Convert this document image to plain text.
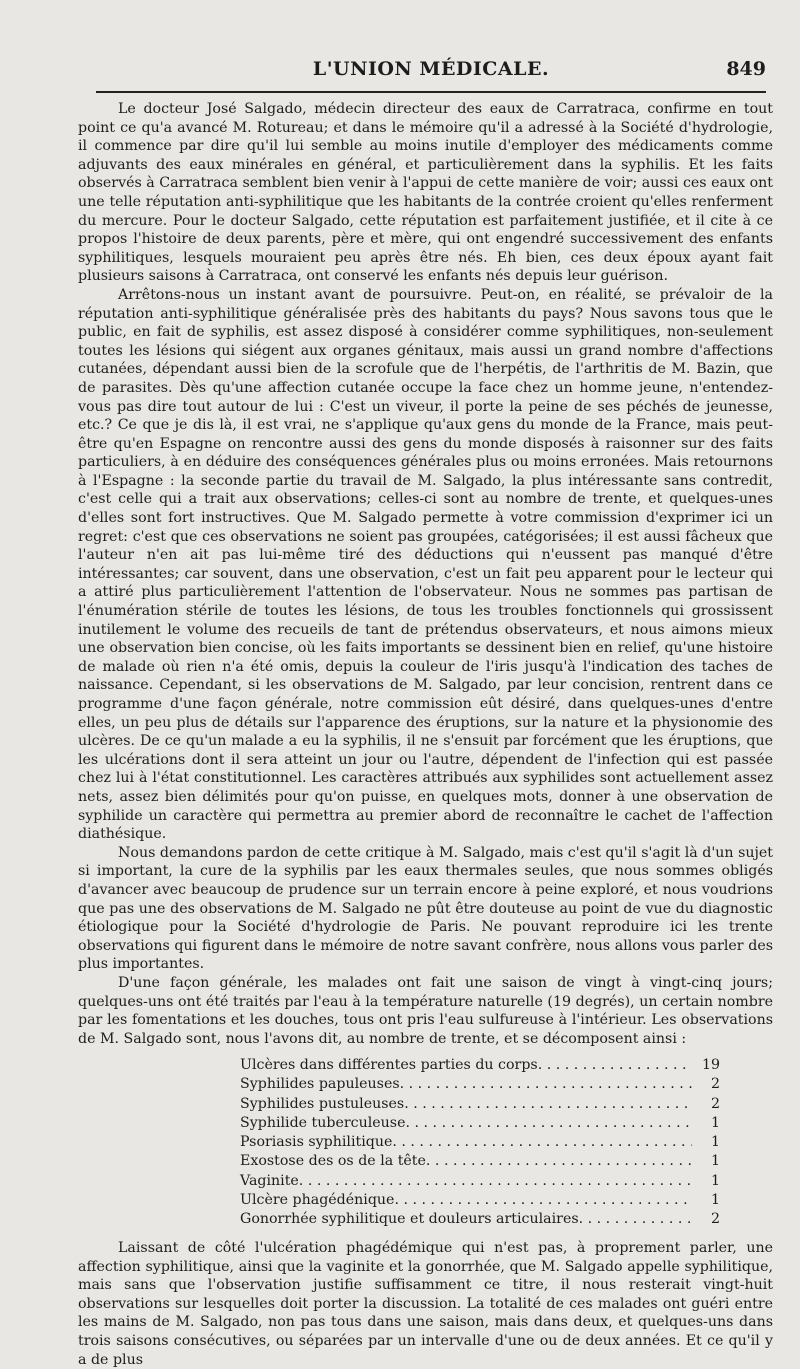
L'UNION MÉDICALE.	849

Le docteur José Salgado, médecin directeur des eaux de Carratraca, confirme en tout point ce qu'a avancé M. Rotureau; et dans le mémoire qu'il a adressé à la Société d'hydrologie, il commence par dire qu'il lui semble au moins inutile d'employer des médicaments comme adjuvants des eaux minérales en général, et particulièrement dans la syphilis. Et les faits observés à Carratraca semblent bien venir à l'appui de cette manière de voir; aussi ces eaux ont une telle réputation anti-syphilitique que les habitants de la contrée croient qu'elles renferment du mercure. Pour le docteur Salgado, cette réputation est parfaitement justifiée, et il cite à ce propos l'histoire de deux parents, père et mère, qui ont engendré successivement des enfants syphilitiques, lesquels mouraient peu après être nés. Eh bien, ces deux époux ayant fait plusieurs saisons à Carratraca, ont conservé les enfants nés depuis leur guérison.

Arrêtons-nous un instant avant de poursuivre. Peut-on, en réalité, se prévaloir de la réputation anti-syphilitique généralisée près des habitants du pays? Nous savons tous que le public, en fait de syphilis, est assez disposé à considérer comme syphilitiques, non-seulement toutes les lésions qui siégent aux organes génitaux, mais aussi un grand nombre d'affections cutanées, dépendant aussi bien de la scrofule que de l'herpétis, de l'arthritis de M. Bazin, que de parasites. Dès qu'une affection cutanée occupe la face chez un homme jeune, n'entendez-vous pas dire tout autour de lui : C'est un viveur, il porte la peine de ses péchés de jeunesse, etc.? Ce que je dis là, il est vrai, ne s'applique qu'aux gens du monde de la France, mais peut-être qu'en Espagne on rencontre aussi des gens du monde disposés à raisonner sur des faits particuliers, à en déduire des conséquences générales plus ou moins erronées. Mais retournons à l'Espagne : la seconde partie du travail de M. Salgado, la plus intéressante sans contredit, c'est celle qui a trait aux observations; celles-ci sont au nombre de trente, et quelques-unes d'elles sont fort instructives. Que M. Salgado permette à votre commission d'exprimer ici un regret: c'est que ces observations ne soient pas groupées, catégorisées; il est aussi fâcheux que l'auteur n'en ait pas lui-même tiré des déductions qui n'eussent pas manqué d'être intéressantes; car souvent, dans une observation, c'est un fait peu apparent pour le lecteur qui a attiré plus particulièrement l'attention de l'observateur. Nous ne sommes pas partisan de l'énumération stérile de toutes les lésions, de tous les troubles fonctionnels qui grossissent inutilement le volume des recueils de tant de prétendus observateurs, et nous aimons mieux une observation bien concise, où les faits importants se dessinent bien en relief, qu'une histoire de malade où rien n'a été omis, depuis la couleur de l'iris jusqu'à l'indication des taches de naissance. Cependant, si les observations de M. Salgado, par leur concision, rentrent dans ce programme d'une façon générale, notre commission eût désiré, dans quelques-unes d'entre elles, un peu plus de détails sur l'apparence des éruptions, sur la nature et la physionomie des ulcères. De ce qu'un malade a eu la syphilis, il ne s'ensuit par forcément que les éruptions, que les ulcérations dont il sera atteint un jour ou l'autre, dépendent de l'infection qui est passée chez lui à l'état constitutionnel. Les caractères attribués aux syphilides sont actuellement assez nets, assez bien délimités pour qu'on puisse, en quelques mots, donner à une observation de syphilide un caractère qui permettra au premier abord de reconnaître le cachet de l'affection diathésique.

Nous demandons pardon de cette critique à M. Salgado, mais c'est qu'il s'agit là d'un sujet si important, la cure de la syphilis par les eaux thermales seules, que nous sommes obligés d'avancer avec beaucoup de prudence sur un terrain encore à peine exploré, et nous voudrions que pas une des observations de M. Salgado ne pût être douteuse au point de vue du diagnostic étiologique pour la Société d'hydrologie de Paris. Ne pouvant reproduire ici les trente observations qui figurent dans le mémoire de notre savant confrère, nous allons vous parler des plus importantes.

D'une façon générale, les malades ont fait une saison de vingt à vingt-cinq jours; quelques-uns ont été traités par l'eau à la température naturelle (19 degrés), un certain nombre par les fomentations et les douches, tous ont pris l'eau sulfureuse à l'intérieur. Les observations de M. Salgado sont, nous l'avons dit, au nombre de trente, et se décomposent ainsi :

Ulcères dans différentes parties du corps . . .	19
Syphilides papuleuses . . .	2
Syphilides pustuleuses . . .	2
Syphilide tuberculeuse . . .	1
Psoriasis syphilitique . . .	1
Exostose des os de la tête . . .	1
Vaginite . . .	1
Ulcère phagédénique . . .	1
Gonorrhée syphilitique et douleurs articulaires . . .	2

Laissant de côté l'ulcération phagédémique qui n'est pas, à proprement parler, une affection syphilitique, ainsi que la vaginite et la gonorrhée, que M. Salgado appelle syphilitique, mais sans que l'observation justifie suffisamment ce titre, il nous resterait vingt-huit observations sur lesquelles doit porter la discussion. La totalité de ces malades ont guéri entre les mains de M. Salgado, non pas tous dans une saison, mais dans deux, et quelques-uns dans trois saisons consécutives, ou séparées par un intervalle d'une ou de deux années. Et ce qu'il y a de plus
